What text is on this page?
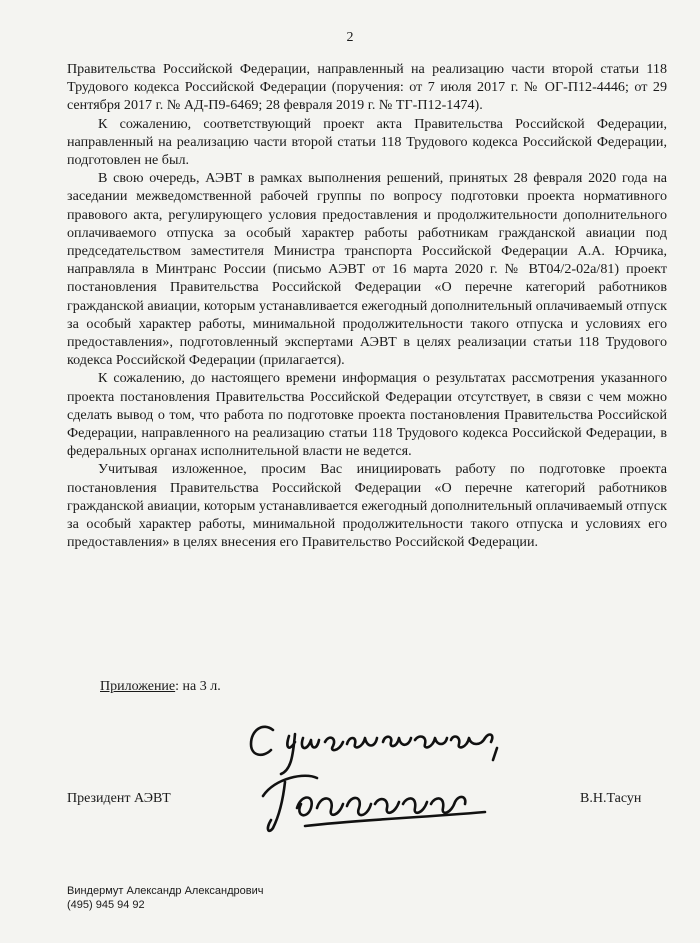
2

Правительства Российской Федерации, направленный на реализацию части второй статьи 118 Трудового кодекса Российской Федерации (поручения: от 7 июля 2017 г. № ОГ-П12-4446; от 29 сентября 2017 г. № АД-П9-6469; 28 февраля 2019 г. № ТГ-П12-1474).

К сожалению, соответствующий проект акта Правительства Российской Федерации, направленный на реализацию части второй статьи 118 Трудового кодекса Российской Федерации, подготовлен не был.

В свою очередь, АЭВТ в рамках выполнения решений, принятых 28 февраля 2020 года на заседании межведомственной рабочей группы по вопросу подготовки проекта нормативного правового акта, регулирующего условия предоставления и продолжительности дополнительного оплачиваемого отпуска за особый характер работы работникам гражданской авиации под председательством заместителя Министра транспорта Российской Федерации А.А. Юрчика, направляла в Минтранс России (письмо АЭВТ от 16 марта 2020 г. № ВТ04/2-02а/81) проект постановления Правительства Российской Федерации «О перечне категорий работников гражданской авиации, которым устанавливается ежегодный дополнительный оплачиваемый отпуск за особый характер работы, минимальной продолжительности такого отпуска и условиях его предоставления», подготовленный экспертами АЭВТ в целях реализации статьи 118 Трудового кодекса Российской Федерации (прилагается).

К сожалению, до настоящего времени информация о результатах рассмотрения указанного проекта постановления Правительства Российской Федерации отсутствует, в связи с чем можно сделать вывод о том, что работа по подготовке проекта постановления Правительства Российской Федерации, направленного на реализацию статьи 118 Трудового кодекса Российской Федерации, в федеральных органах исполнительной власти не ведется.

Учитывая изложенное, просим Вас инициировать работу по подготовке проекта постановления Правительства Российской Федерации «О перечне категорий работников гражданской авиации, которым устанавливается ежегодный дополнительный оплачиваемый отпуск за особый характер работы, минимальной продолжительности такого отпуска и условиях его предоставления» в целях внесения его Правительство Российской Федерации.

Приложение: на 3 л.
Президент АЭВТ	В.Н.Тасун
Виндермут Александр Александрович
(495) 945 94 92
